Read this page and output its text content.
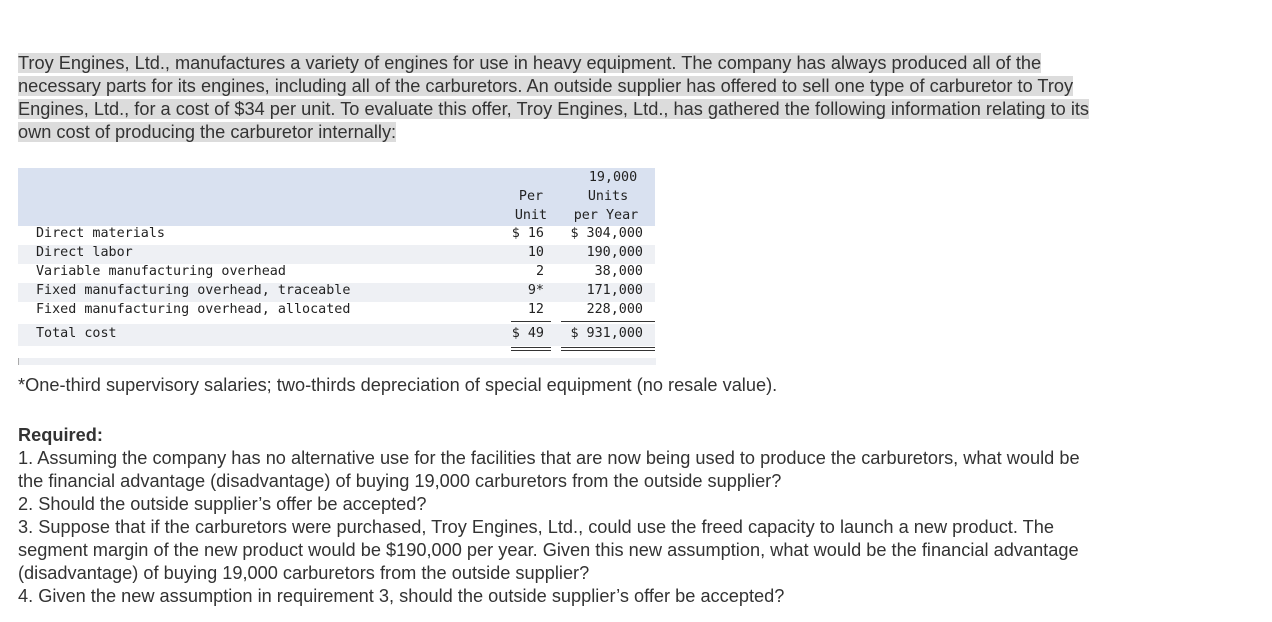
Troy Engines, Ltd., manufactures a variety of engines for use in heavy equipment. The company has always produced all of the
necessary parts for its engines, including all of the carburetors. An outside supplier has offered to sell one type of carburetor to Troy
Engines, Ltd., for a cost of $34 per unit. To evaluate this offer, Troy Engines, Ltd., has gathered the following information relating to its
own cost of producing the carburetor internally:
19,000
Per	Units
Unit	per Year
Direct materials	$ 16 $ 304,000
Direct labor	10	190,000
Variable manufacturing overhead	2	38,000
Fixed manufacturing overhead, traceable	9*	171,000
Fixed manufacturing overhead, allocated	12	228,000
Total cost	$ 49 $ 931,000
*One-third supervisory salaries; two-thirds depreciation of special equipment (no resale value).

Required:

1. Assuming the company has no alternative use for the facilities that are now being used to produce the carburetors, what would be

the financial advantage (disadvantage) of buying 19,000 carburetors from the outside supplier?

2. Should the outside supplier’s offer be accepted?

3. Suppose that if the carburetors were purchased, Troy Engines, Ltd., could use the freed capacity to launch a new product. The

segment margin of the new product would be $190,000 per year. Given this new assumption, what would be the financial advantage

(disadvantage) of buying 19,000 carburetors from the outside supplier?

4. Given the new assumption in requirement 3, should the outside supplier’s offer be accepted?
